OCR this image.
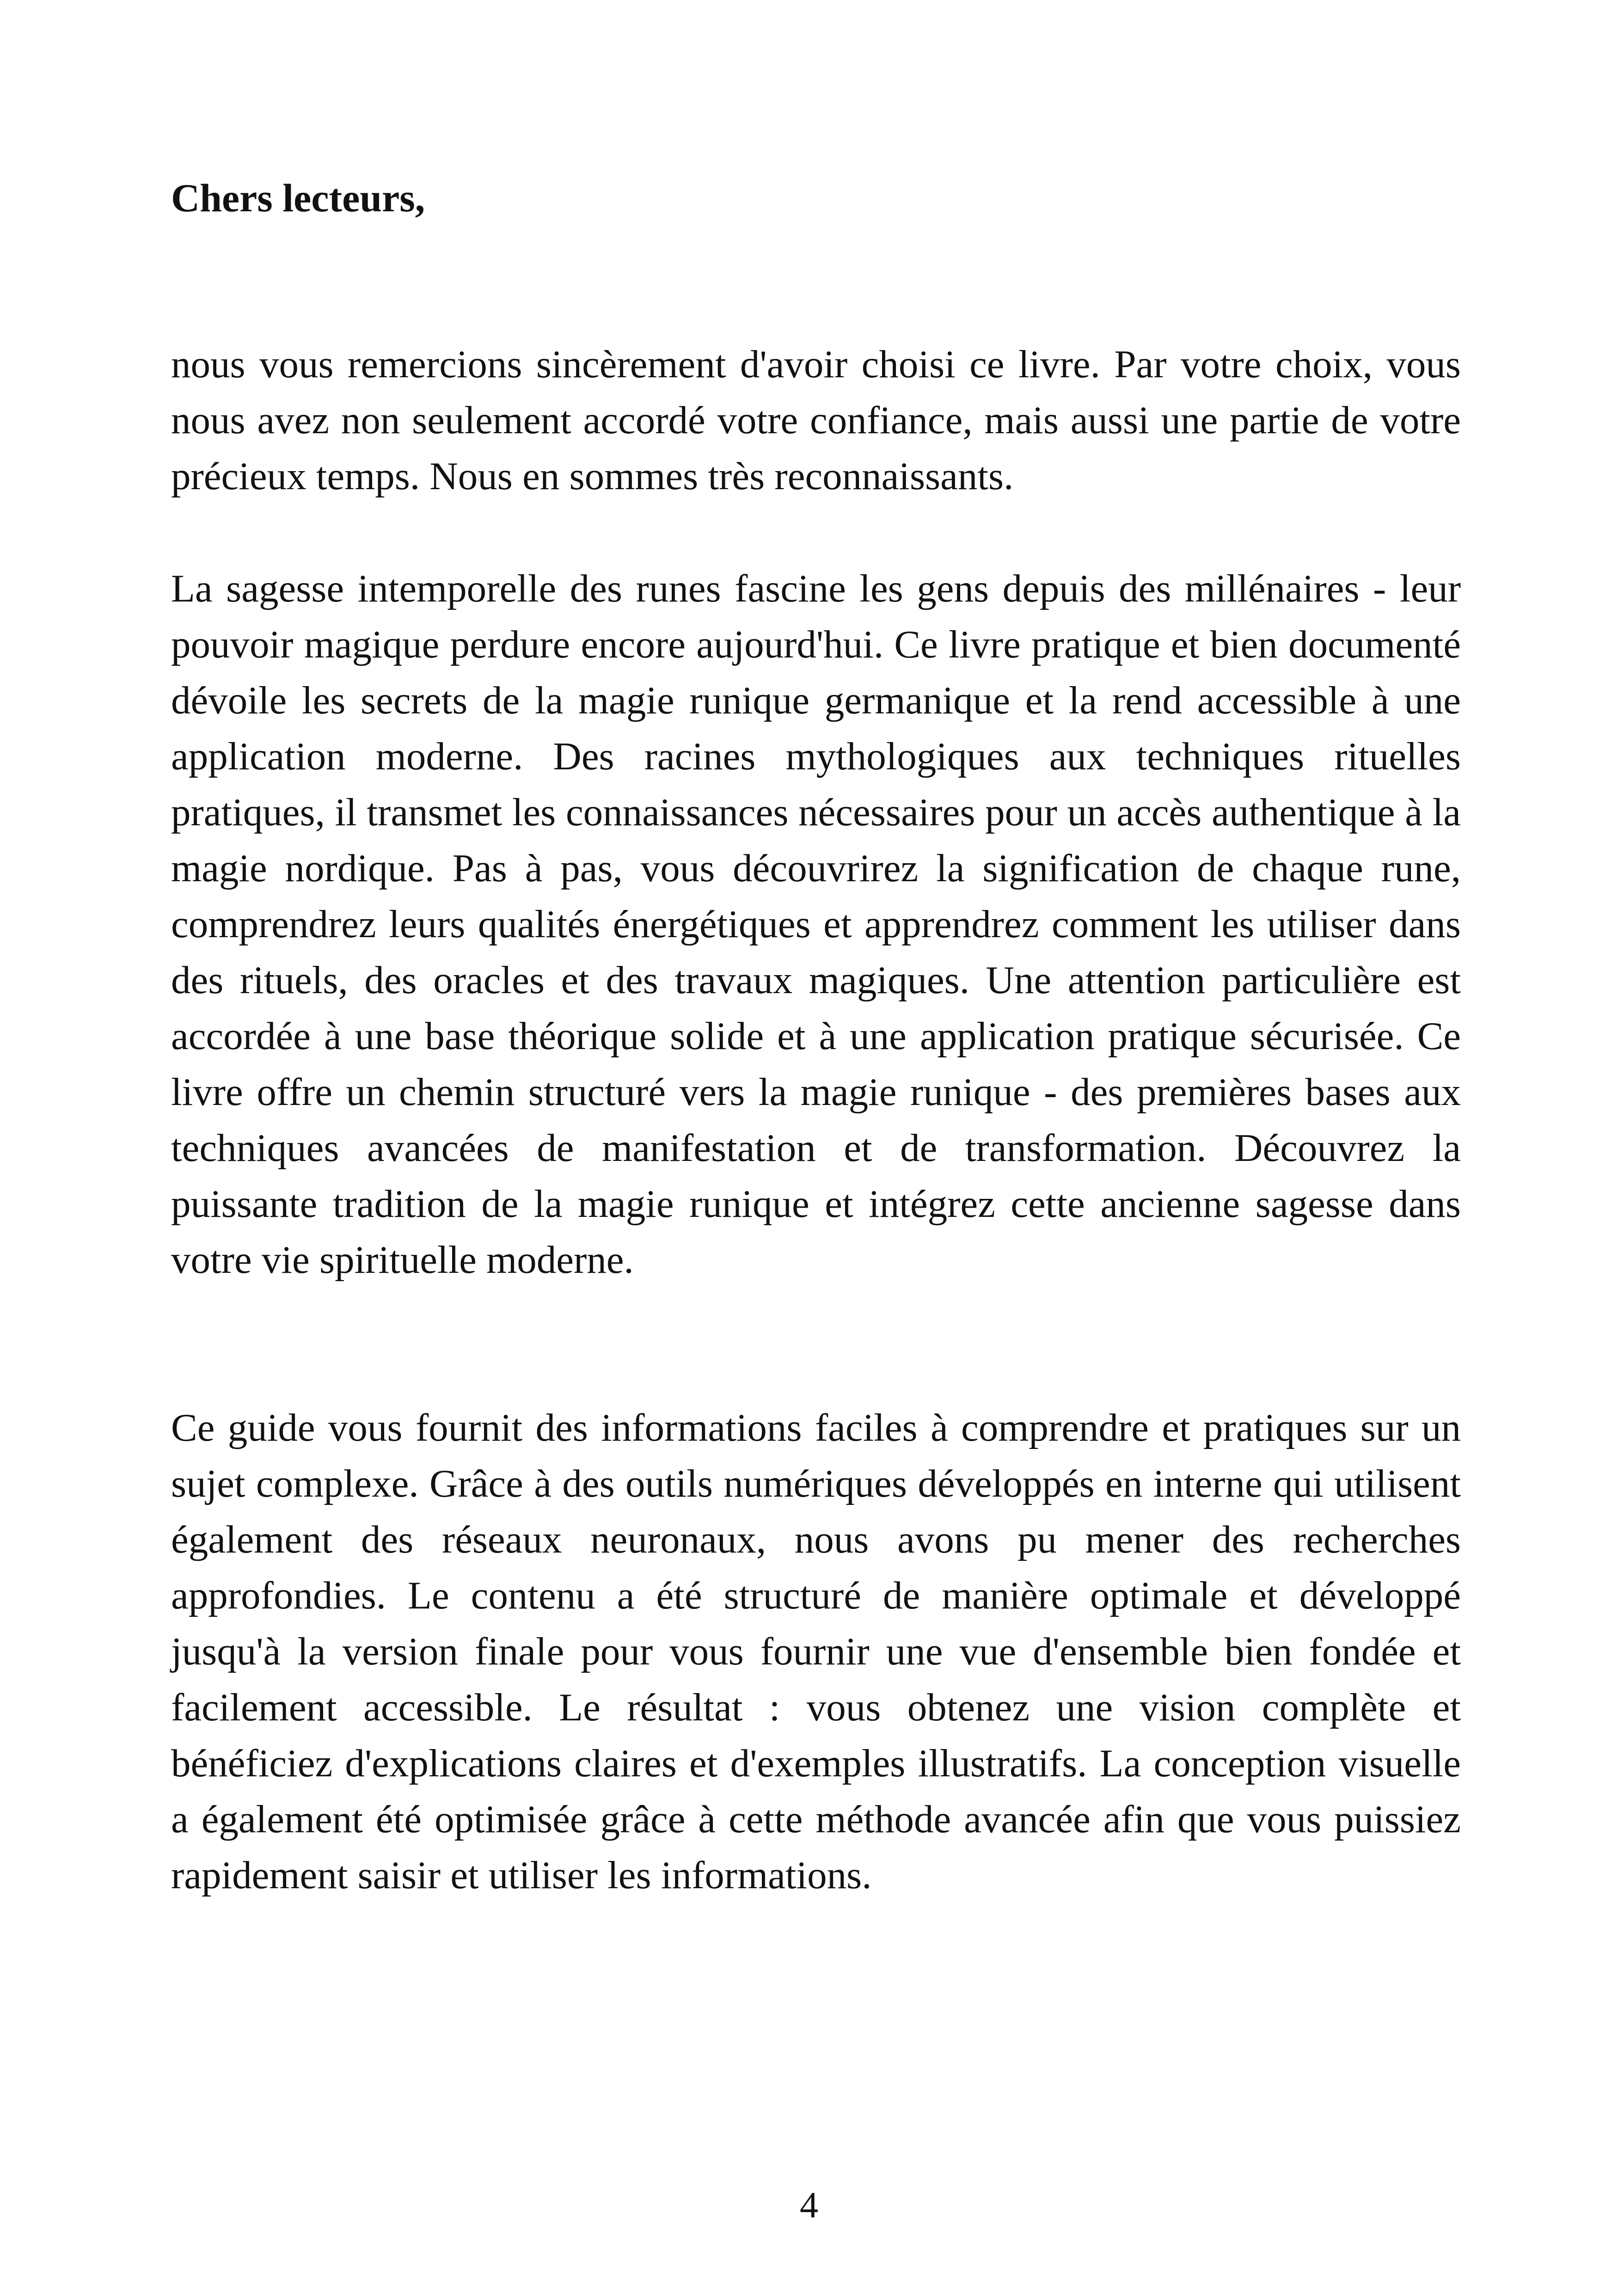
Chers lecteurs,

nous vous remercions sincèrement d'avoir choisi ce livre. Par votre choix, vous nous avez non seulement accordé votre confiance, mais aussi une partie de votre précieux temps. Nous en sommes très reconnaissants.

La sagesse intemporelle des runes fascine les gens depuis des millénaires - leur pouvoir magique perdure encore aujourd'hui. Ce livre pratique et bien documenté dévoile les secrets de la magie runique germanique et la rend accessible à une application moderne. Des racines mythologiques aux techniques rituelles pratiques, il transmet les connaissances nécessaires pour un accès authentique à la magie nordique. Pas à pas, vous découvrirez la signification de chaque rune, comprendrez leurs qualités énergétiques et apprendrez comment les utiliser dans des rituels, des oracles et des travaux magiques. Une attention particulière est accordée à une base théorique solide et à une application pratique sécurisée. Ce livre offre un chemin structuré vers la magie runique - des premières bases aux techniques avancées de manifestation et de transformation. Découvrez la puissante tradition de la magie runique et intégrez cette ancienne sagesse dans votre vie spirituelle moderne.

Ce guide vous fournit des informations faciles à comprendre et pratiques sur un sujet complexe. Grâce à des outils numériques développés en interne qui utilisent également des réseaux neuronaux, nous avons pu mener des recherches approfondies. Le contenu a été structuré de manière optimale et développé jusqu'à la version finale pour vous fournir une vue d'ensemble bien fondée et facilement accessible. Le résultat : vous obtenez une vision complète et bénéficiez d'explications claires et d'exemples illustratifs. La conception visuelle a également été optimisée grâce à cette méthode avancée afin que vous puissiez rapidement saisir et utiliser les informations.

4
